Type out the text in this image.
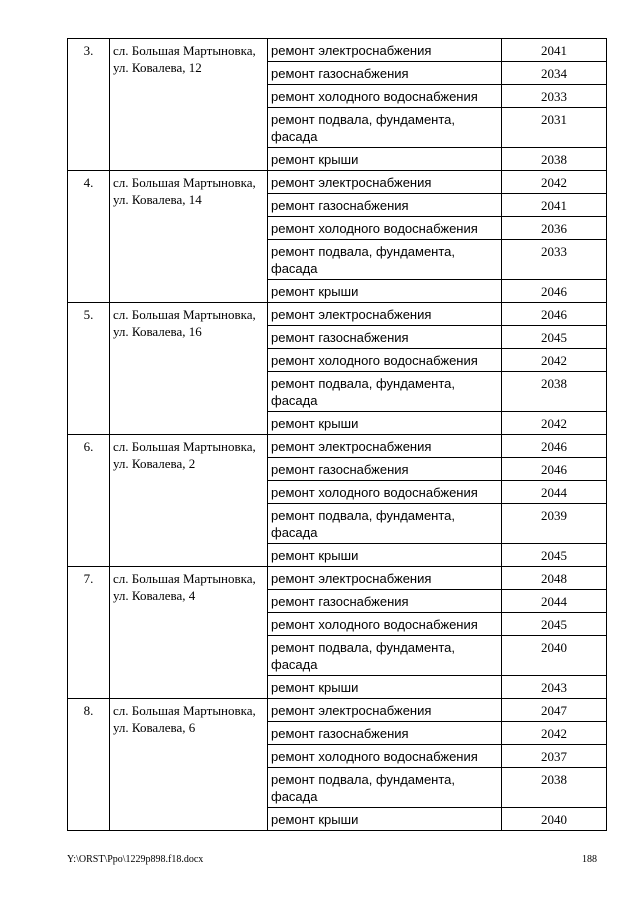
3.	сл. Большая Мартыновка, ул. Ковалева, 12	ремонт электроснабжения	2041
		ремонт газоснабжения	2034
		ремонт холодного водоснабжения	2033
		ремонт подвала, фундамента, фасада	2031
		ремонт крыши	2038
4.	сл. Большая Мартыновка, ул. Ковалева, 14	ремонт электроснабжения	2042
		ремонт газоснабжения	2041
		ремонт холодного водоснабжения	2036
		ремонт подвала, фундамента, фасада	2033
		ремонт крыши	2046
5.	сл. Большая Мартыновка, ул. Ковалева, 16	ремонт электроснабжения	2046
		ремонт газоснабжения	2045
		ремонт холодного водоснабжения	2042
		ремонт подвала, фундамента, фасада	2038
		ремонт крыши	2042
6.	сл. Большая Мартыновка, ул. Ковалева, 2	ремонт электроснабжения	2046
		ремонт газоснабжения	2046
		ремонт холодного водоснабжения	2044
		ремонт подвала, фундамента, фасада	2039
		ремонт крыши	2045
7.	сл. Большая Мартыновка, ул. Ковалева, 4	ремонт электроснабжения	2048
		ремонт газоснабжения	2044
		ремонт холодного водоснабжения	2045
		ремонт подвала, фундамента, фасада	2040
		ремонт крыши	2043
8.	сл. Большая Мартыновка, ул. Ковалева, 6	ремонт электроснабжения	2047
		ремонт газоснабжения	2042
		ремонт холодного водоснабжения	2037
		ремонт подвала, фундамента, фасада	2038
		ремонт крыши	2040
Y:\ORST\Ppo\1229p898.f18.docx	188
